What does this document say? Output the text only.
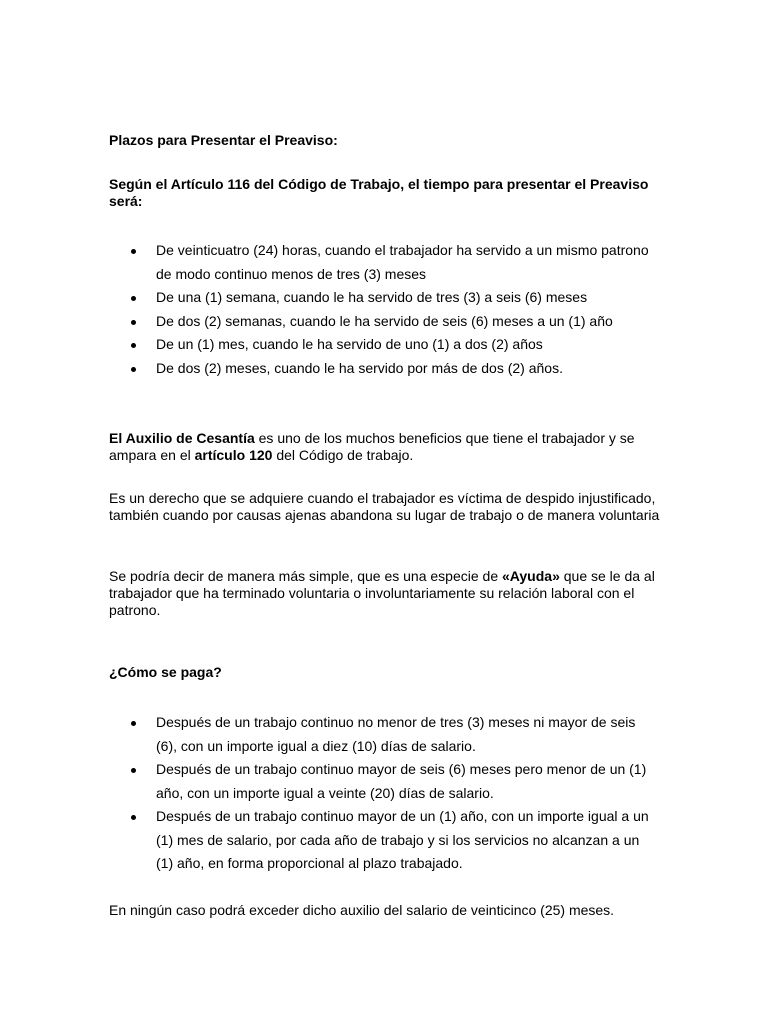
Plazos para Presentar el Preaviso:

Según el Artículo 116 del Código de Trabajo, el tiempo para presentar el Preaviso será:

De veinticuatro (24) horas, cuando el trabajador ha servido a un mismo patrono de modo continuo menos de tres (3) meses
De una (1) semana, cuando le ha servido de tres (3) a seis (6) meses
De dos (2) semanas, cuando le ha servido de seis (6) meses a un (1) año
De un (1) mes, cuando le ha servido de uno (1) a dos (2) años
De dos (2) meses, cuando le ha servido por más de dos (2) años.

El Auxilio de Cesantía es uno de los muchos beneficios que tiene el trabajador y se ampara en el artículo 120 del Código de trabajo.

Es un derecho que se adquiere cuando el trabajador es víctima de despido injustificado, también cuando por causas ajenas abandona su lugar de trabajo o de manera voluntaria

Se podría decir de manera más simple, que es una especie de «Ayuda» que se le da al trabajador que ha terminado voluntaria o involuntariamente su relación laboral con el patrono.

¿Cómo se paga?

Después de un trabajo continuo no menor de tres (3) meses ni mayor de seis (6), con un importe igual a diez (10) días de salario.
Después de un trabajo continuo mayor de seis (6) meses pero menor de un (1) año, con un importe igual a veinte (20) días de salario.
Después de un trabajo continuo mayor de un (1) año, con un importe igual a un (1) mes de salario, por cada año de trabajo y si los servicios no alcanzan a un (1) año, en forma proporcional al plazo trabajado.

En ningún caso podrá exceder dicho auxilio del salario de veinticinco (25) meses.
